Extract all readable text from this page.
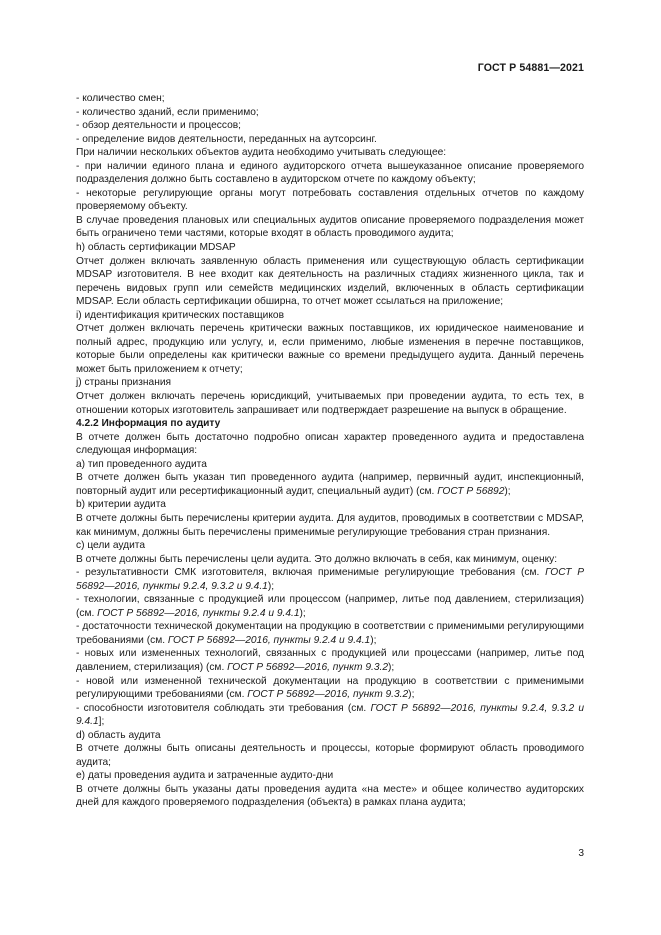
ГОСТ Р 54881—2021

- количество смен;

- количество зданий, если применимо;

- обзор деятельности и процессов;

- определение видов деятельности, переданных на аутсорсинг.

При наличии нескольких объектов аудита необходимо учитывать следующее:

- при наличии единого плана и единого аудиторского отчета вышеуказанное описание проверяемого подразделения должно быть составлено в аудиторском отчете по каждому объекту;

- некоторые регулирующие органы могут потребовать составления отдельных отчетов по каждому проверяемому объекту.

В случае проведения плановых или специальных аудитов описание проверяемого подразделения может быть ограничено теми частями, которые входят в область проводимого аудита;

h) область сертификации MDSAP

Отчет должен включать заявленную область применения или существующую область сертификации MDSAP изготовителя. В нее входит как деятельность на различных стадиях жизненного цикла, так и перечень видовых групп или семейств медицинских изделий, включенных в область сертификации MDSAP. Если область сертификации обширна, то отчет может ссылаться на приложение;

i) идентификация критических поставщиков

Отчет должен включать перечень критически важных поставщиков, их юридическое наименование и полный адрес, продукцию или услугу, и, если применимо, любые изменения в перечне поставщиков, которые были определены как критически важные со времени предыдущего аудита. Данный перечень может быть приложением к отчету;

j) страны признания

Отчет должен включать перечень юрисдикций, учитываемых при проведении аудита, то есть тех, в отношении которых изготовитель запрашивает или подтверждает разрешение на выпуск в обращение.

4.2.2 Информация по аудиту

В отчете должен быть достаточно подробно описан характер проведенного аудита и предоставлена следующая информация:

a) тип проведенного аудита

В отчете должен быть указан тип проведенного аудита (например, первичный аудит, инспекционный, повторный аудит или ресертификационный аудит, специальный аудит) (см. ГОСТ Р 56892);

b) критерии аудита

В отчете должны быть перечислены критерии аудита. Для аудитов, проводимых в соответствии с MDSAP, как минимум, должны быть перечислены применимые регулирующие требования стран признания.

c) цели аудита

В отчете должны быть перечислены цели аудита. Это должно включать в себя, как минимум, оценку:

- результативности СМК изготовителя, включая применимые регулирующие требования (см. ГОСТ Р 56892—2016, пункты 9.2.4, 9.3.2 и 9.4.1);

- технологии, связанные с продукцией или процессом (например, литье под давлением, стерилизация) (см. ГОСТ Р 56892—2016, пункты 9.2.4 и 9.4.1);

- достаточности технической документации на продукцию в соответствии с применимыми регулирующими требованиями (см. ГОСТ Р 56892—2016, пункты 9.2.4 и 9.4.1);

- новых или измененных технологий, связанных с продукцией или процессами (например, литье под давлением, стерилизация) (см. ГОСТ Р 56892—2016, пункт 9.3.2);

- новой или измененной технической документации на продукцию в соответствии с применимыми регулирующими требованиями (см. ГОСТ Р 56892—2016, пункт 9.3.2);

- способности изготовителя соблюдать эти требования (см. ГОСТ Р 56892—2016, пункты 9.2.4, 9.3.2 и 9.4.1];

d) область аудита

В отчете должны быть описаны деятельность и процессы, которые формируют область проводимого аудита;

e) даты проведения аудита и затраченные аудито-дни

В отчете должны быть указаны даты проведения аудита «на месте» и общее количество аудиторских дней для каждого проверяемого подразделения (объекта) в рамках плана аудита;

3
